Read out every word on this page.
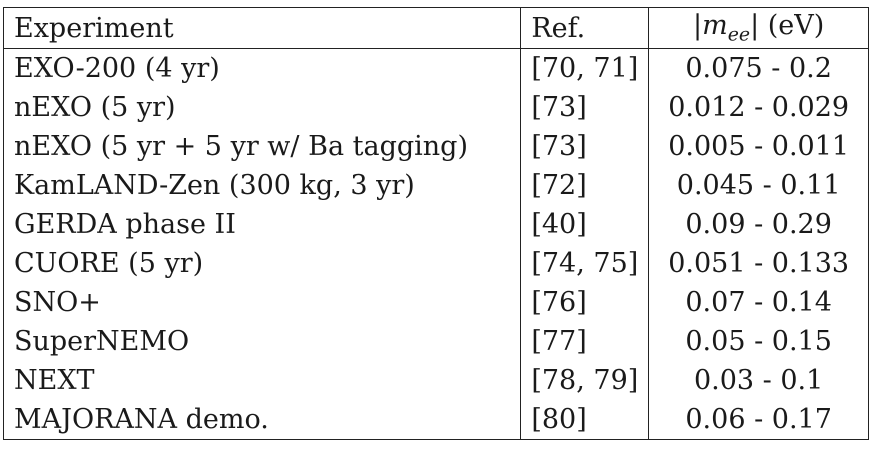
Experiment	Ref.	$|m_{ee}|$ (eV)
EXO-200 (4 yr)	[70, 71]	0.075 - 0.2
nEXO (5 yr)	[73]	0.012 - 0.029
nEXO (5 yr + 5 yr w/ Ba tagging)	[73]	0.005 - 0.011
KamLAND-Zen (300 kg, 3 yr)	[72]	0.045 - 0.11
GERDA phase II	[40]	0.09 - 0.29
CUORE (5 yr)	[74, 75]	0.051 - 0.133
SNO+	[76]	0.07 - 0.14
SuperNEMO	[77]	0.05 - 0.15
NEXT	[78, 79]	0.03 - 0.1
MAJORANA demo.	[80]	0.06 - 0.17
